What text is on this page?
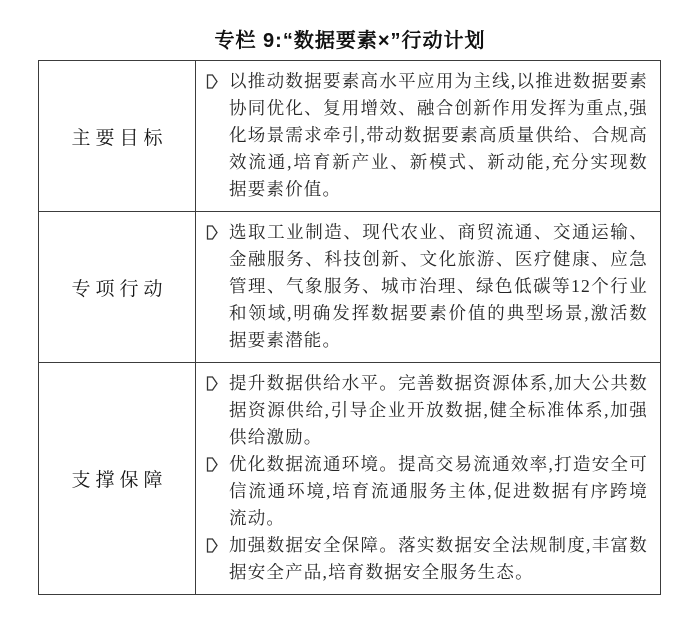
专栏 9:“数据要素×”行动计划
主要目标
以推动数据要素高水平应用为主线,以推进数据要素协同优化、复用增效、融合创新作用发挥为重点,强化场景需求牵引,带动数据要素高质量供给、合规高效流通,培育新产业、新模式、新动能,充分实现数据要素价值。
专项行动
选取工业制造、现代农业、商贸流通、交通运输、金融服务、科技创新、文化旅游、医疗健康、应急管理、气象服务、城市治理、绿色低碳等12个行业和领域,明确发挥数据要素价值的典型场景,激活数据要素潜能。
支撑保障
提升数据供给水平。完善数据资源体系,加大公共数据资源供给,引导企业开放数据,健全标准体系,加强供给激励。
优化数据流通环境。提高交易流通效率,打造安全可信流通环境,培育流通服务主体,促进数据有序跨境流动。
加强数据安全保障。落实数据安全法规制度,丰富数据安全产品,培育数据安全服务生态。
